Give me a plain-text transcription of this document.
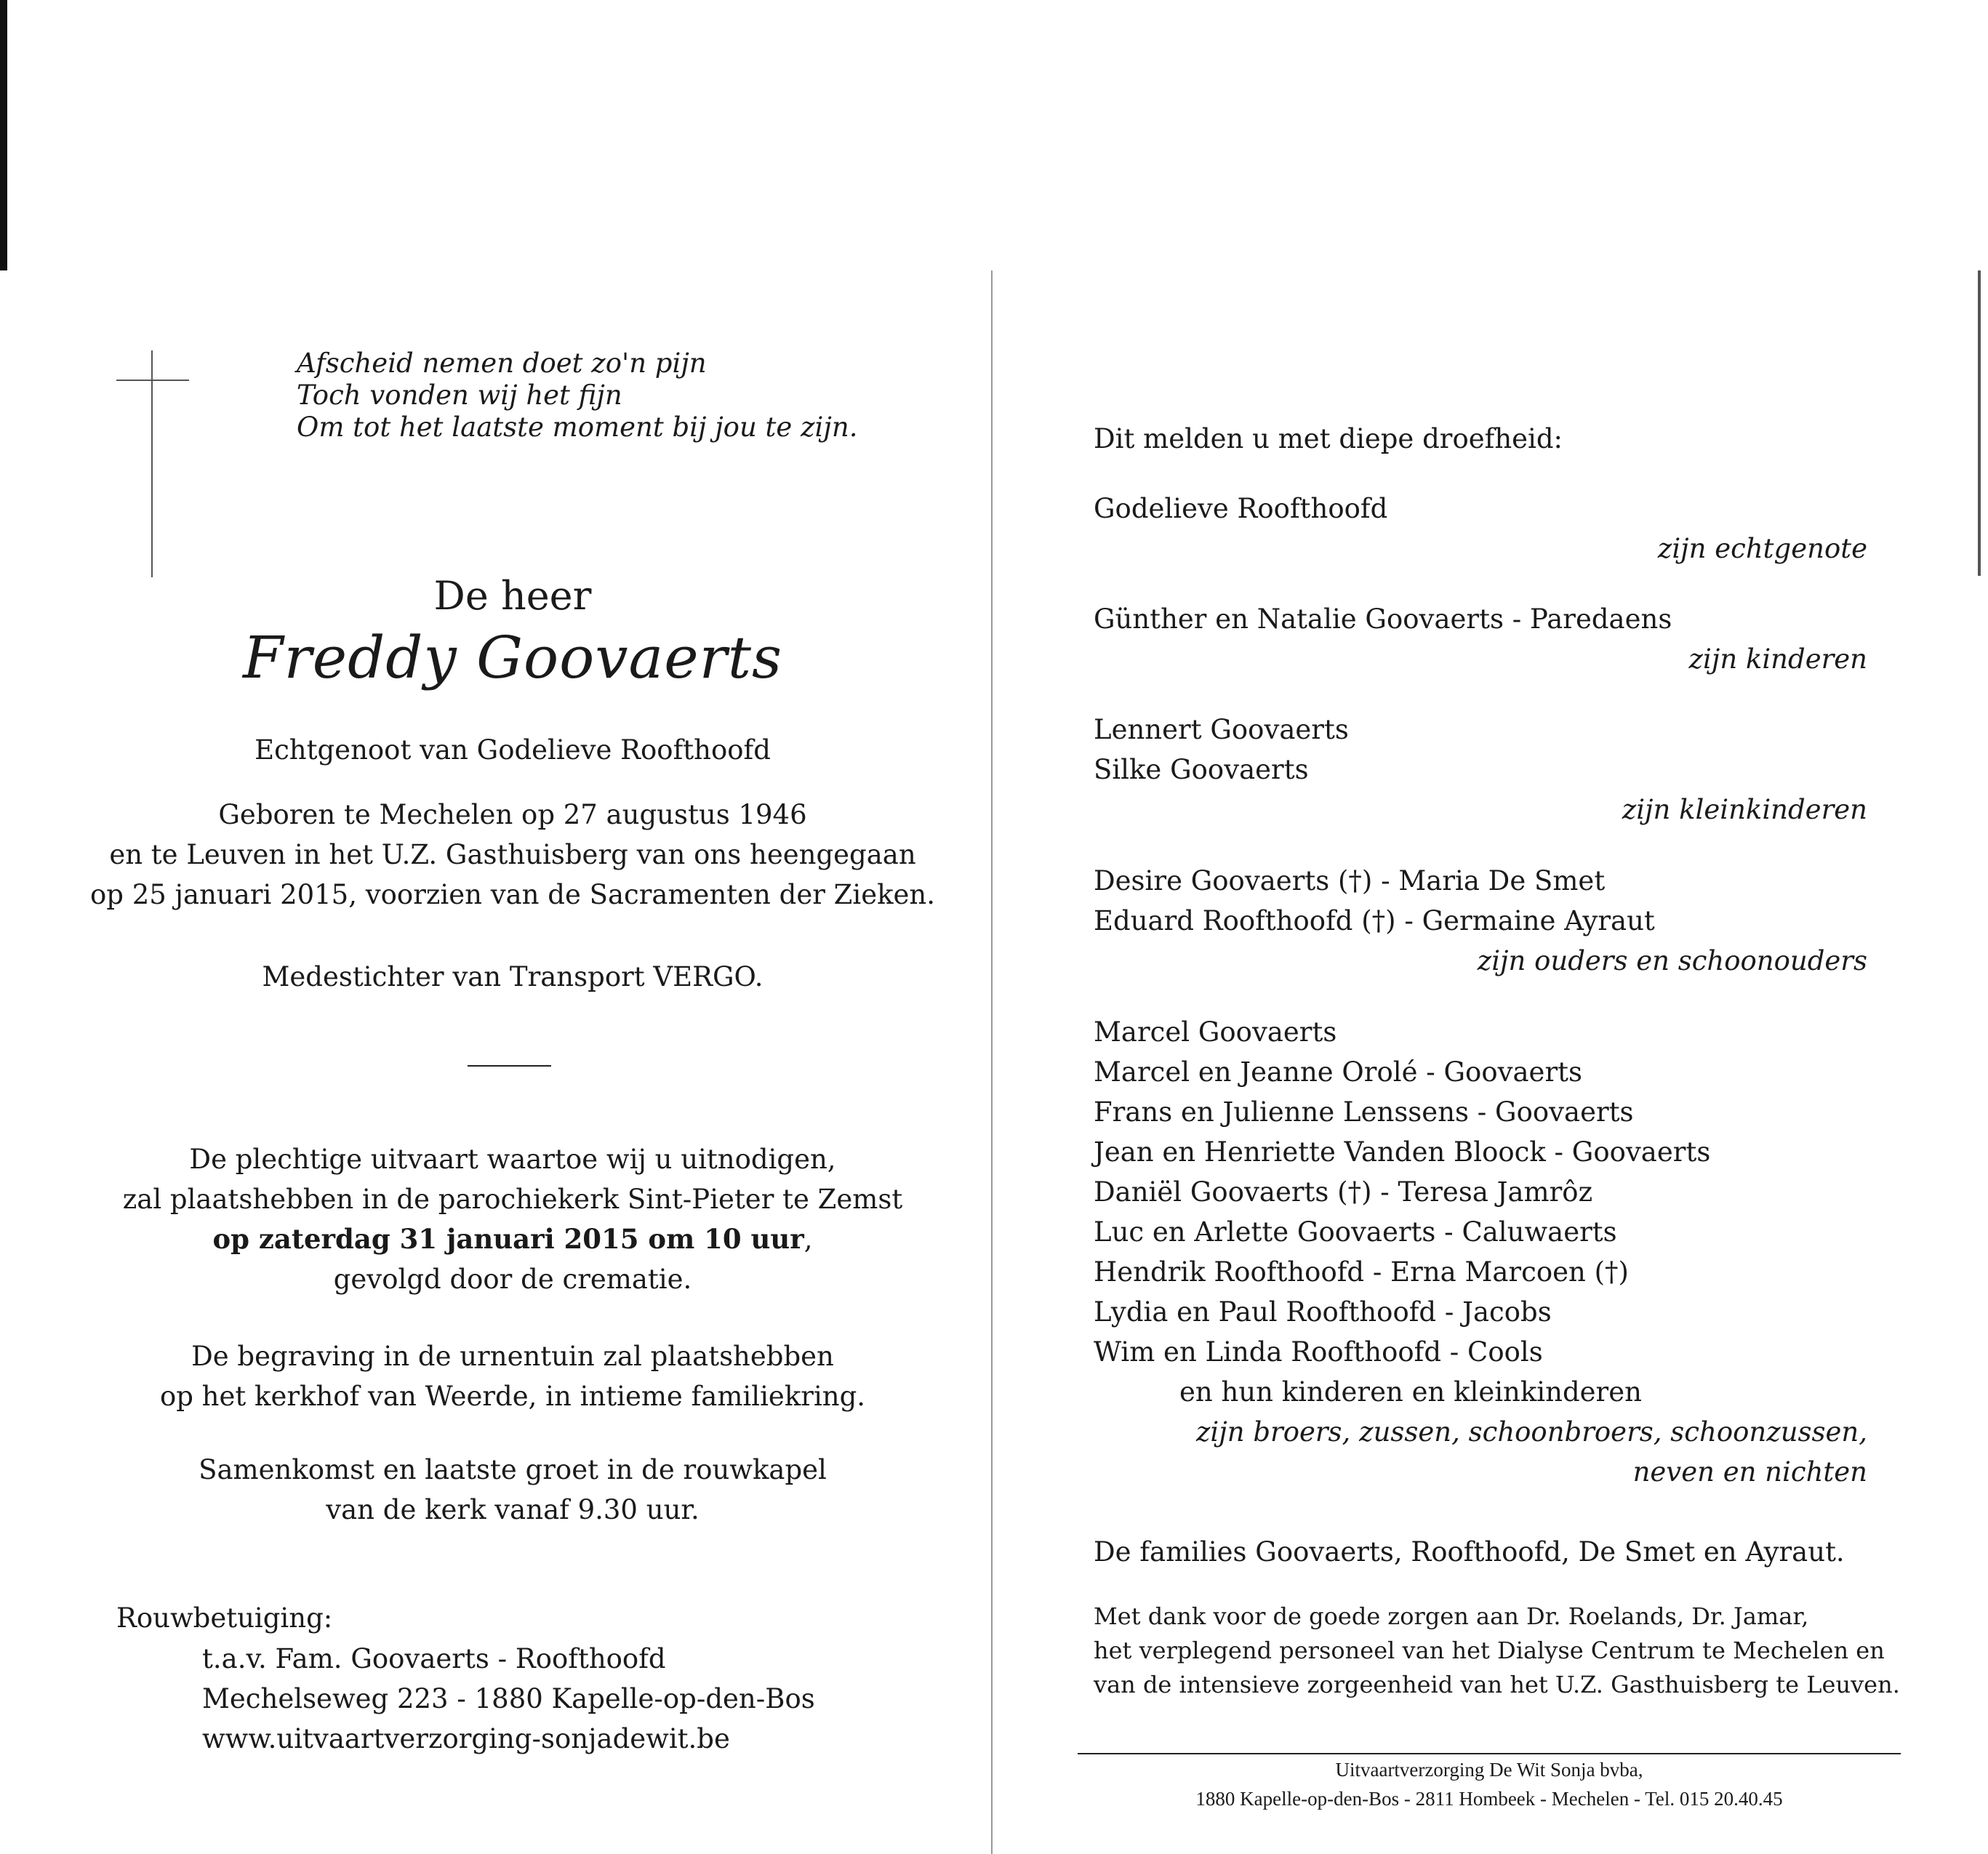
Afscheid nemen doet zo'n pijn
Toch vonden wij het fijn
Om tot het laatste moment bij jou te zijn.
De heer
Freddy Goovaerts
Echtgenoot van Godelieve Roofthoofd
Geboren te Mechelen op 27 augustus 1946
en te Leuven in het U.Z. Gasthuisberg van ons heengegaan
op 25 januari 2015, voorzien van de Sacramenten der Zieken.
Medestichter van Transport VERGO.
De plechtige uitvaart waartoe wij u uitnodigen,
zal plaatshebben in de parochiekerk Sint-Pieter te Zemst
op zaterdag 31 januari 2015 om 10 uur,
gevolgd door de crematie.
De begraving in de urnentuin zal plaatshebben
op het kerkhof van Weerde, in intieme familiekring.
Samenkomst en laatste groet in de rouwkapel
van de kerk vanaf 9.30 uur.
Rouwbetuiging:
t.a.v. Fam. Goovaerts - Roofthoofd
Mechelseweg 223 - 1880 Kapelle-op-den-Bos
www.uitvaartverzorging-sonjadewit.be
Dit melden u met diepe droefheid:
Godelieve Roofthoofd
zijn echtgenote
Günther en Natalie Goovaerts - Paredaens
zijn kinderen
Lennert Goovaerts
Silke Goovaerts
zijn kleinkinderen
Desire Goovaerts (†) - Maria De Smet
Eduard Roofthoofd (†) - Germaine Ayraut
zijn ouders en schoonouders
Marcel Goovaerts
Marcel en Jeanne Orolé - Goovaerts
Frans en Julienne Lenssens - Goovaerts
Jean en Henriette Vanden Bloock - Goovaerts
Daniël Goovaerts (†) - Teresa Jamrôz
Luc en Arlette Goovaerts - Caluwaerts
Hendrik Roofthoofd - Erna Marcoen (†)
Lydia en Paul Roofthoofd - Jacobs
Wim en Linda Roofthoofd - Cools
en hun kinderen en kleinkinderen
zijn broers, zussen, schoonbroers, schoonzussen,
neven en nichten
De families Goovaerts, Roofthoofd, De Smet en Ayraut.
Met dank voor de goede zorgen aan Dr. Roelands, Dr. Jamar,
het verplegend personeel van het Dialyse Centrum te Mechelen en
van de intensieve zorgeenheid van het U.Z. Gasthuisberg te Leuven.
Uitvaartverzorging De Wit Sonja bvba,
1880 Kapelle-op-den-Bos - 2811 Hombeek - Mechelen - Tel. 015 20.40.45
